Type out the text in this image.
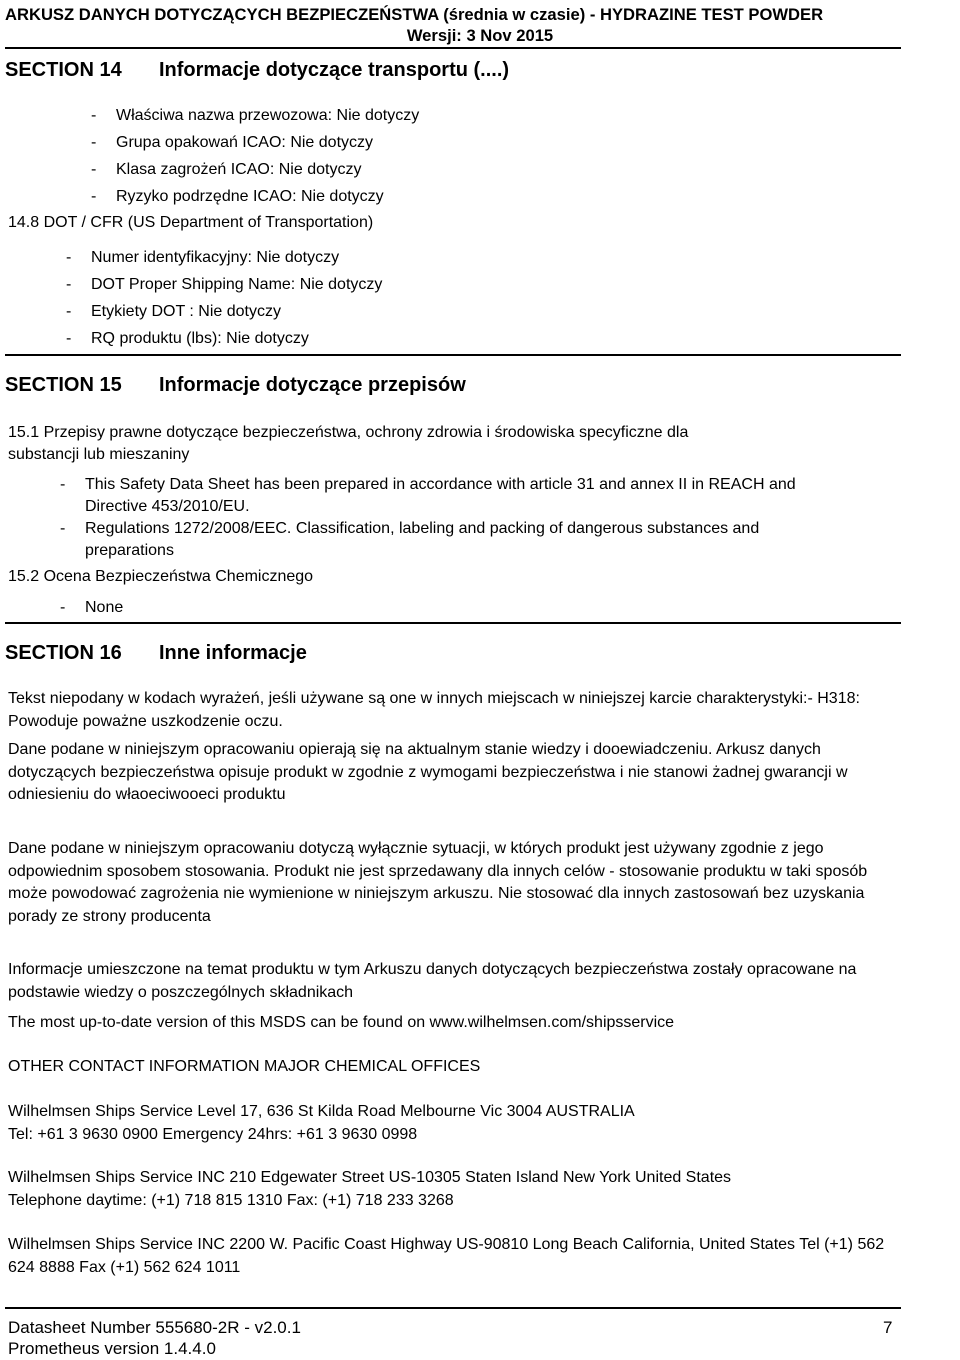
ARKUSZ DANYCH DOTYCZĄCYCH BEZPIECZEŃSTWA (średnia w czasie) - HYDRAZINE TEST POWDER
Wersji: 3 Nov 2015
SECTION 14 Informacje dotyczące transportu (....)
- Właściwa nazwa przewozowa: Nie dotyczy
- Grupa opakowań ICAO: Nie dotyczy
- Klasa zagrożeń ICAO: Nie dotyczy
- Ryzyko podrzędne ICAO: Nie dotyczy
14.8 DOT / CFR (US Department of Transportation)
- Numer identyfikacyjny: Nie dotyczy
- DOT Proper Shipping Name: Nie dotyczy
- Etykiety DOT : Nie dotyczy
- RQ produktu (lbs): Nie dotyczy
SECTION 15 Informacje dotyczące przepisów
15.1 Przepisy prawne dotyczące bezpieczeństwa, ochrony zdrowia i środowiska specyficzne dla
substancji lub mieszaniny
- This Safety Data Sheet has been prepared in accordance with article 31 and annex II in REACH and Directive 453/2010/EU.
- Regulations 1272/2008/EEC. Classification, labeling and packing of dangerous substances and preparations
15.2 Ocena Bezpieczeństwa Chemicznego
- None
SECTION 16 Inne informacje
Tekst niepodany w kodach wyrażeń, jeśli używane są one w innych miejscach w niniejszej karcie charakterystyki:- H318: Powoduje poważne uszkodzenie oczu.
Dane podane w niniejszym opracowaniu opierają się na aktualnym stanie wiedzy i dooewiadczeniu. Arkusz danych dotyczących bezpieczeństwa opisuje produkt w zgodnie z wymogami bezpieczeństwa i nie stanowi żadnej gwarancji w odniesieniu do właoeciwooeci produktu
Dane podane w niniejszym opracowaniu dotyczą wyłącznie sytuacji, w których produkt jest używany zgodnie z jego odpowiednim sposobem stosowania. Produkt nie jest sprzedawany dla innych celów - stosowanie produktu w taki sposób może powodować zagrożenia nie wymienione w niniejszym arkuszu. Nie stosować dla innych zastosowań bez uzyskania porady ze strony producenta
Informacje umieszczone na temat produktu w tym Arkuszu danych dotyczących bezpieczeństwa zostały opracowane na podstawie wiedzy o poszczególnych składnikach
The most up-to-date version of this MSDS can be found on www.wilhelmsen.com/shipsservice
OTHER CONTACT INFORMATION MAJOR CHEMICAL OFFICES
Wilhelmsen Ships Service Level 17, 636 St Kilda Road Melbourne Vic 3004 AUSTRALIA
Tel: +61 3 9630 0900 Emergency 24hrs: +61 3 9630 0998
Wilhelmsen Ships Service INC 210 Edgewater Street US-10305 Staten Island New York United States
Telephone daytime: (+1) 718 815 1310 Fax: (+1) 718 233 3268
Wilhelmsen Ships Service INC 2200 W. Pacific Coast Highway US-90810 Long Beach California, United States Tel (+1) 562 624 8888 Fax (+1) 562 624 1011
Datasheet Number 555680-2R - v2.0.1	7
Prometheus version 1.4.4.0
